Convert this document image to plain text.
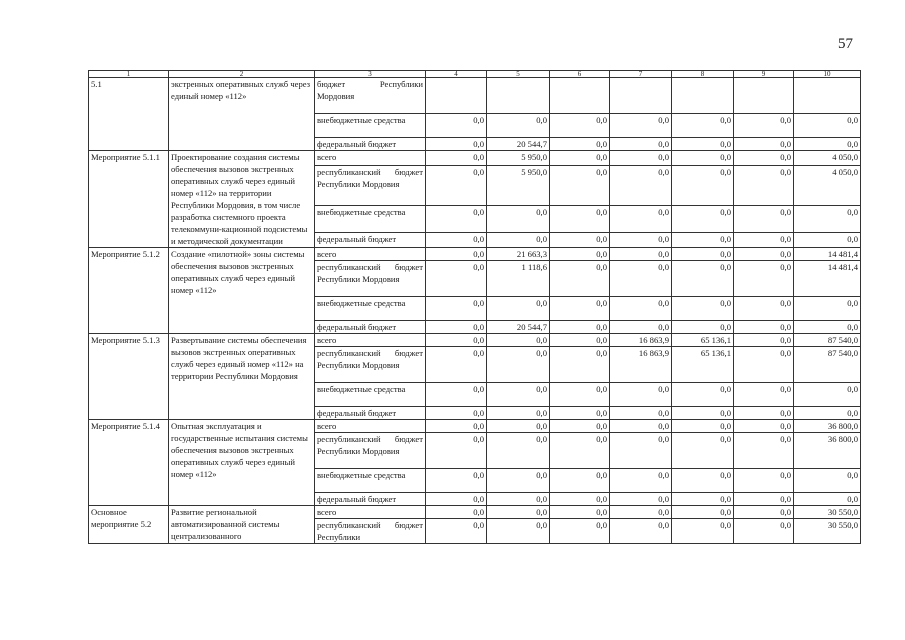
57
1	2	3	4	5	6	7	8	9	10
5.1	экстренных оперативных служб через единый номер «112»	бюджет Республики Мордовия							
		внебюджетные средства	0,0	0,0	0,0	0,0	0,0	0,0	0,0
		федеральный бюджет	0,0	20 544,7	0,0	0,0	0,0	0,0	0,0
Мероприятие 5.1.1	Проектирование создания системы обеспечения вызовов экстренных оперативных служб через единый номер «112» на территории Республики Мордовия, в том числе разработка системного проекта телекоммуни-кационной подсистемы и методической документации	всего	0,0	5 950,0	0,0	0,0	0,0	0,0	4 050,0
		республиканский бюджет Республики Мордовия	0,0	5 950,0	0,0	0,0	0,0	0,0	4 050,0
		внебюджетные средства	0,0	0,0	0,0	0,0	0,0	0,0	0,0
		федеральный бюджет	0,0	0,0	0,0	0,0	0,0	0,0	0,0
Мероприятие 5.1.2	Создание «пилотной» зоны системы обеспечения вызовов экстренных оперативных служб через единый номер «112»	всего	0,0	21 663,3	0,0	0,0	0,0	0,0	14 481,4
		республиканский бюджет Республики Мордовия	0,0	1 118,6	0,0	0,0	0,0	0,0	14 481,4
		внебюджетные средства	0,0	0,0	0,0	0,0	0,0	0,0	0,0
		федеральный бюджет	0,0	20 544,7	0,0	0,0	0,0	0,0	0,0
Мероприятие 5.1.3	Развертывание системы обеспечения вызовов экстренных оперативных служб через единый номер «112» на территории Республики Мордовия	всего	0,0	0,0	0,0	16 863,9	65 136,1	0,0	87 540,0
		республиканский бюджет Республики Мордовия	0,0	0,0	0,0	16 863,9	65 136,1	0,0	87 540,0
		внебюджетные средства	0,0	0,0	0,0	0,0	0,0	0,0	0,0
		федеральный бюджет	0,0	0,0	0,0	0,0	0,0	0,0	0,0
Мероприятие 5.1.4	Опытная эксплуатация и государственные испытания системы обеспечения вызовов экстренных оперативных служб через единый номер «112»	всего	0,0	0,0	0,0	0,0	0,0	0,0	36 800,0
		республиканский бюджет Республики Мордовия	0,0	0,0	0,0	0,0	0,0	0,0	36 800,0
		внебюджетные средства	0,0	0,0	0,0	0,0	0,0	0,0	0,0
		федеральный бюджет	0,0	0,0	0,0	0,0	0,0	0,0	0,0
Основное мероприятие 5.2	Развитие региональной автоматизированной системы централизованного	всего	0,0	0,0	0,0	0,0	0,0	0,0	30 550,0
		республиканский бюджет Республики	0,0	0,0	0,0	0,0	0,0	0,0	30 550,0
